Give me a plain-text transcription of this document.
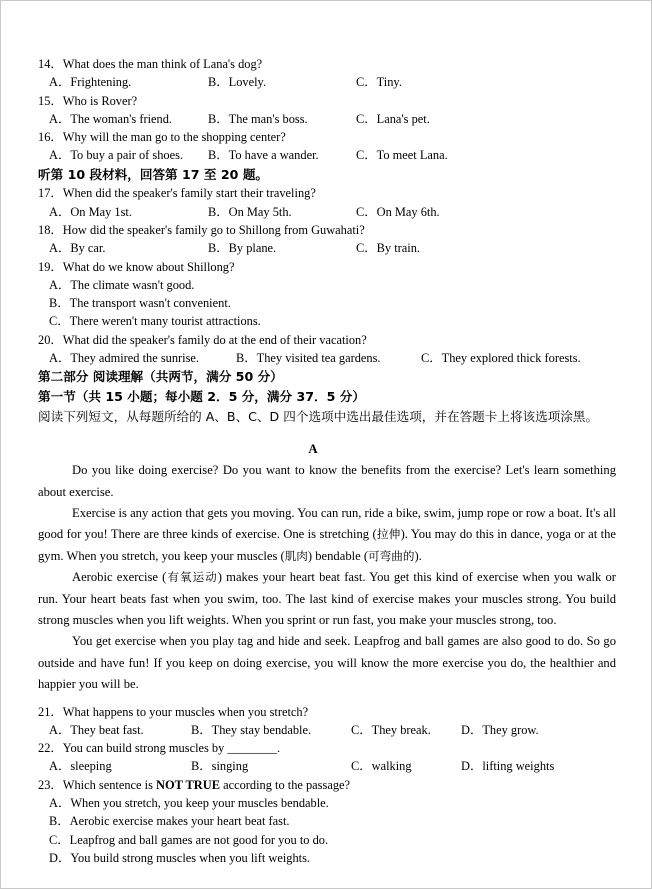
14．What does the man think of Lana's dog?
A．Frightening.	B．Lovely.	C．Tiny.
15．Who is Rover?
A．The woman's friend.	B．The man's boss.	C．Lana's pet.
16．Why will the man go to the shopping center?
A．To buy a pair of shoes. B．To have a wander.	C．To meet Lana.
听第 10 段材料，回答第 17 至 20 题。
17．When did the speaker's family start their traveling?
A．On May 1st.	B．On May 5th.	C．On May 6th.
18．How did the speaker's family go to Shillong from Guwahati?
A．By car.	B．By plane.	C．By train.
19．What do we know about Shillong?
A．The climate wasn't good.
B．The transport wasn't convenient.
C．There weren't many tourist attractions.
20．What did the speaker's family do at the end of their vacation?
A．They admired the sunrise.	B．They visited tea gardens.	C．They explored thick forests.
第二部分 阅读理解（共两节，满分 50 分）
第一节（共 15 小题；每小题 2．5 分，满分 37．5 分）
阅读下列短文，从每题所给的 A、B、C、D 四个选项中选出最佳选项，并在答题卡上将该选项涂黑。
A

Do you like doing exercise? Do you want to know the benefits from the exercise? Let's learn something about exercise.

Exercise is any action that gets you moving. You can run, ride a bike, swim, jump rope or row a boat. It's all good for you! There are three kinds of exercise. One is stretching (拉伸). You may do this in dance, yoga or at the gym. When you stretch, you keep your muscles (肌肉) bendable (可弯曲的).

Aerobic exercise (有氧运动) makes your heart beat fast. You get this kind of exercise when you walk or run. Your heart beats fast when you swim, too. The last kind of exercise makes your muscles strong. You build strong muscles when you lift weights. When you sprint or run fast, you make your muscles strong, too.

You get exercise when you play tag and hide and seek. Leapfrog and ball games are also good to do. So go outside and have fun! If you keep on doing exercise, you will know the more exercise you do, the healthier and happier you will be.

21．What happens to your muscles when you stretch?
A．They beat fast.	B．They stay bendable.	C．They break. D．They grow.
22．You can build strong muscles by ________.
A．sleeping	B．singing	C．walking	D．lifting weights
23．Which sentence is NOT TRUE according to the passage?
A．When you stretch, you keep your muscles bendable.
B．Aerobic exercise makes your heart beat fast.
C．Leapfrog and ball games are not good for you to do.
D．You build strong muscles when you lift weights.
